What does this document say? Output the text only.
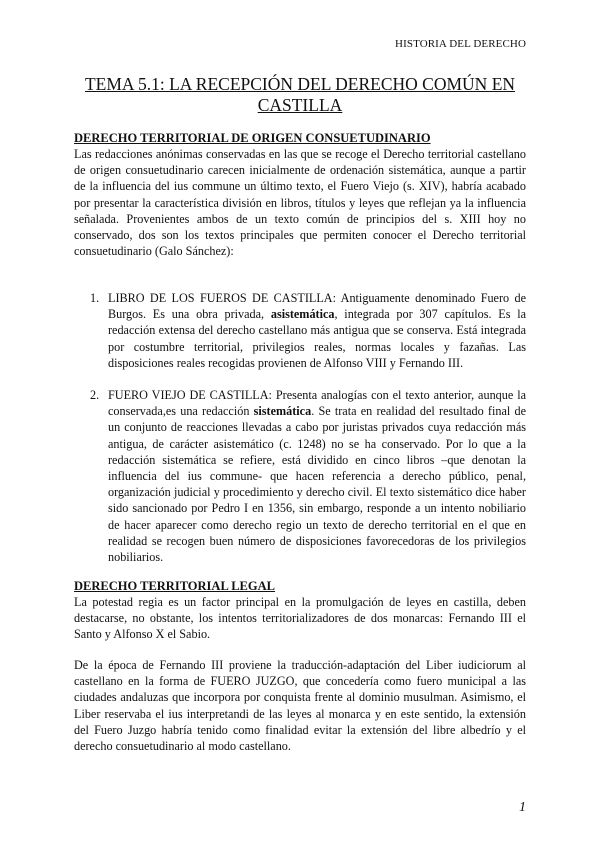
HISTORIA DEL DERECHO
TEMA 5.1: LA RECEPCIÓN DEL DERECHO COMÚN EN
CASTILLA
DERECHO TERRITORIAL DE ORIGEN CONSUETUDINARIO

Las redacciones anónimas conservadas en las que se recoge el Derecho territorial castellano de origen consuetudinario carecen inicialmente de ordenación sistemática, aunque a partir de la influencia del ius commune un último texto, el Fuero Viejo (s. XIV), habría acabado por presentar la característica división en libros, títulos y leyes que reflejan ya la influencia señalada. Provenientes ambos de un texto común de principios del s. XIII hoy no conservado, dos son los textos principales que permiten conocer el Derecho territorial consuetudinario (Galo Sánchez):

1. LIBRO DE LOS FUEROS DE CASTILLA: Antiguamente denominado Fuero de Burgos. Es una obra privada, asistemática, integrada por 307 capítulos. Es la redacción extensa del derecho castellano más antigua que se conserva. Está integrada por costumbre territorial, privilegios reales, normas locales y fazañas. Las disposiciones reales recogidas provienen de Alfonso VIII y Fernando III.
2. FUERO VIEJO DE CASTILLA: Presenta analogías con el texto anterior, aunque la conservada,es una redacción sistemática. Se trata en realidad del resultado final de un conjunto de reacciones llevadas a cabo por juristas privados cuya redacción más antigua, de carácter asistemático (c. 1248) no se ha conservado. Por lo que a la redacción sistemática se refiere, está dividido en cinco libros –que denotan la influencia del ius commune- que hacen referencia a derecho público, penal, organización judicial y procedimiento y derecho civil. El texto sistemático dice haber sido sancionado por Pedro I en 1356, sin embargo, responde a un intento nobiliario de hacer aparecer como derecho regio un texto de derecho territorial en el que en realidad se recogen buen número de disposiciones favorecedoras de los privilegios nobiliarios.
DERECHO TERRITORIAL LEGAL

La potestad regia es un factor principal en la promulgación de leyes en castilla, deben destacarse, no obstante, los intentos territorializadores de dos monarcas: Fernando III el Santo y Alfonso X el Sabio.

De la época de Fernando III proviene la traducción-adaptación del Liber iudiciorum al castellano en la forma de FUERO JUZGO, que concedería como fuero municipal a las ciudades andaluzas que incorpora por conquista frente al dominio musulman. Asimismo, el Liber reservaba el ius interpretandi de las leyes al monarca y en este sentido, la extensión del Fuero Juzgo habría tenido como finalidad evitar la extensión del libre albedrío y el derecho consuetudinario al modo castellano.

1
